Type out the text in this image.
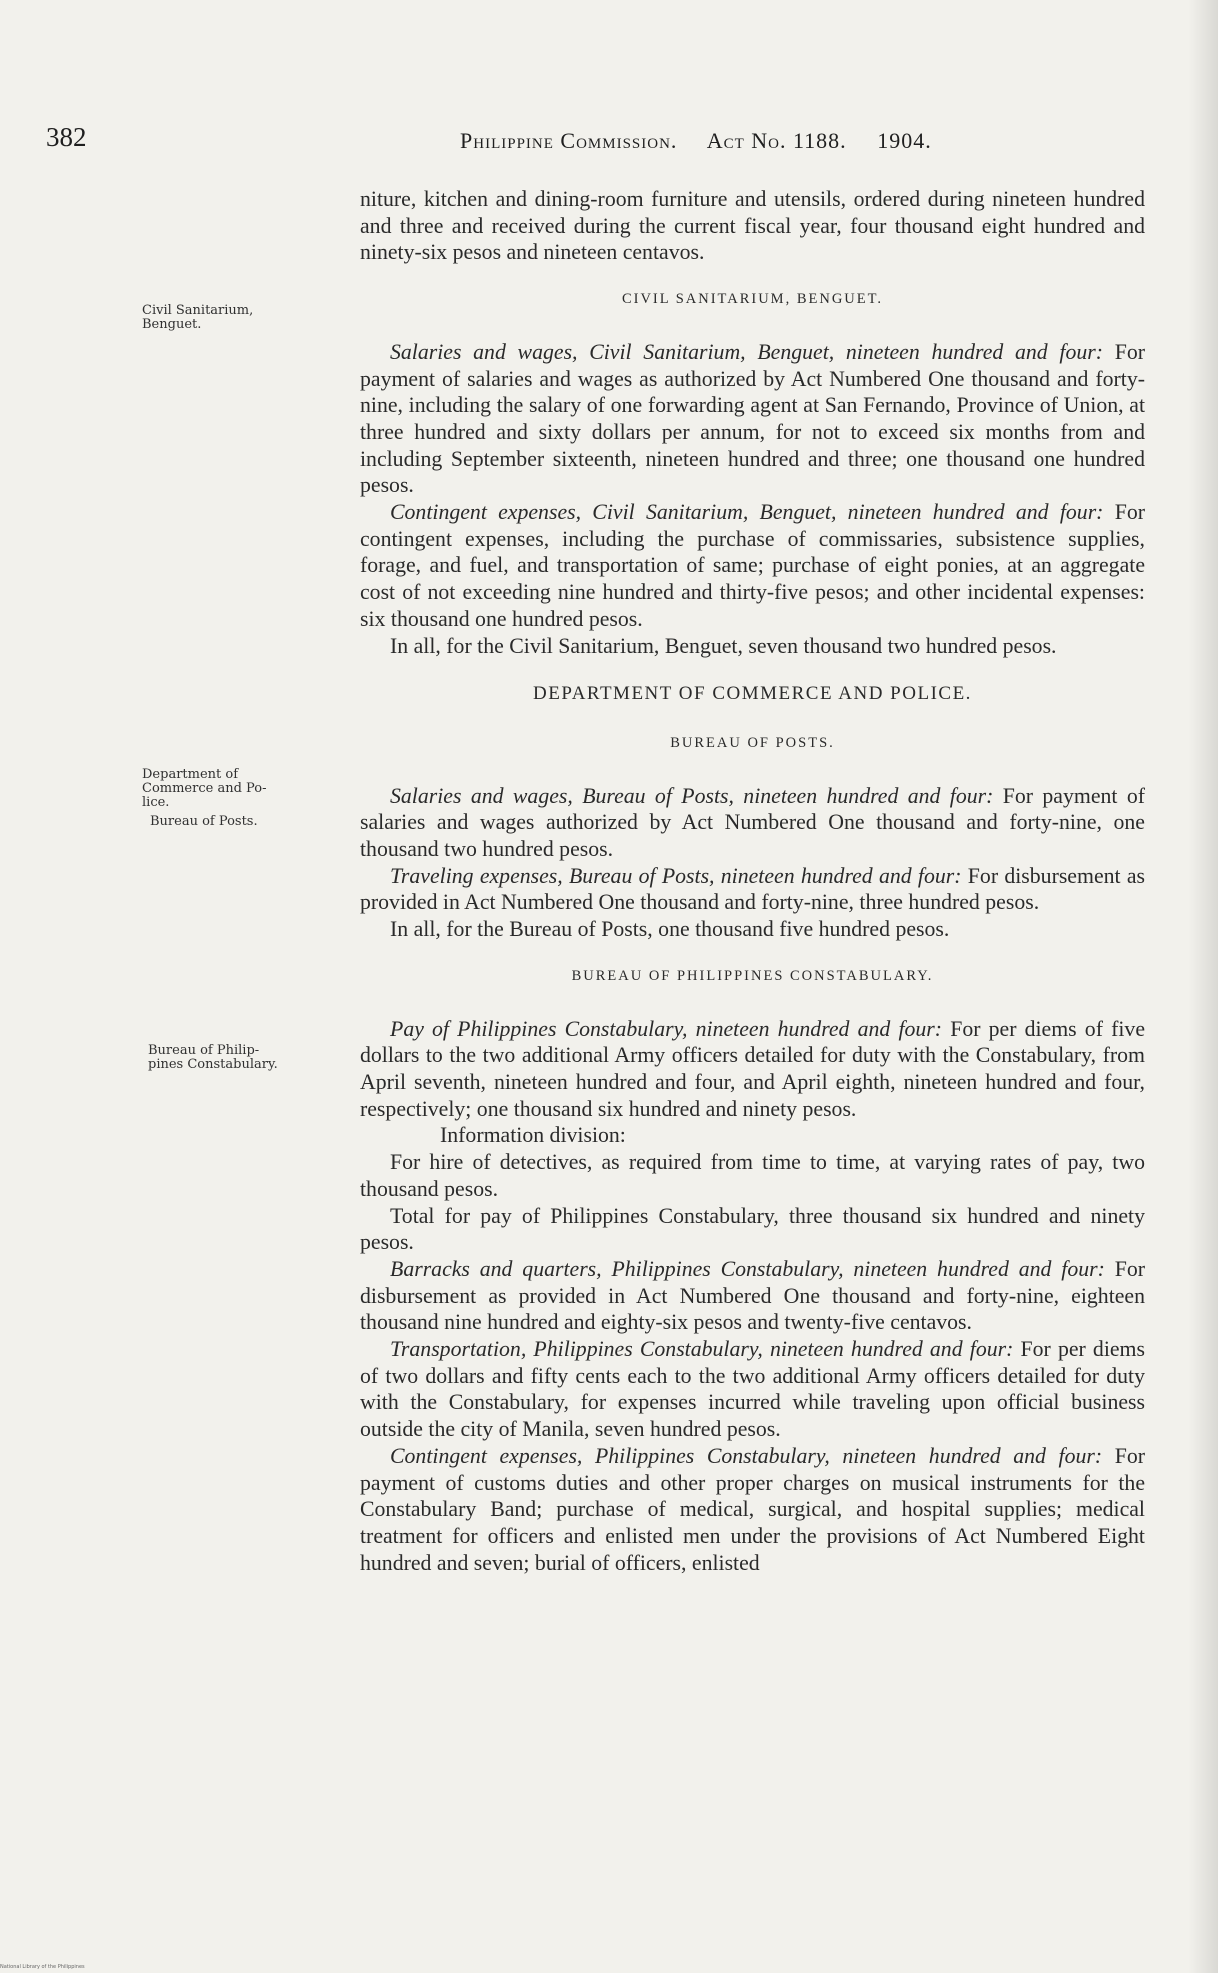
382	Philippine Commission. Act No. 1188. 1904.
Civil Sanitarium,
Benguet.
Department of
Commerce and Po-
lice.
Bureau of Posts.
Bureau of Philip-
pines Constabulary.

niture, kitchen and dining-room furniture and utensils, ordered during nineteen hundred and three and received during the current fiscal year, four thousand eight hundred and ninety-six pesos and nineteen centavos.

CIVIL SANITARIUM, BENGUET.

Salaries and wages, Civil Sanitarium, Benguet, nineteen hundred and four: For payment of salaries and wages as authorized by Act Numbered One thousand and forty-nine, including the salary of one forwarding agent at San Fernando, Province of Union, at three hundred and sixty dollars per annum, for not to exceed six months from and including September sixteenth, nineteen hundred and three; one thousand one hundred pesos.

Contingent expenses, Civil Sanitarium, Benguet, nineteen hundred and four: For contingent expenses, including the purchase of commissaries, subsistence supplies, forage, and fuel, and transportation of same; purchase of eight ponies, at an aggregate cost of not exceeding nine hundred and thirty-five pesos; and other incidental expenses: six thousand one hundred pesos.

In all, for the Civil Sanitarium, Benguet, seven thousand two hundred pesos.

DEPARTMENT OF COMMERCE AND POLICE.
BUREAU OF POSTS.

Salaries and wages, Bureau of Posts, nineteen hundred and four: For payment of salaries and wages authorized by Act Numbered One thousand and forty-nine, one thousand two hundred pesos.

Traveling expenses, Bureau of Posts, nineteen hundred and four: For disbursement as provided in Act Numbered One thousand and forty-nine, three hundred pesos.

In all, for the Bureau of Posts, one thousand five hundred pesos.

BUREAU OF PHILIPPINES CONSTABULARY.

Pay of Philippines Constabulary, nineteen hundred and four: For per diems of five dollars to the two additional Army officers detailed for duty with the Constabulary, from April seventh, nineteen hundred and four, and April eighth, nineteen hundred and four, respectively; one thousand six hundred and ninety pesos.

Information division:

For hire of detectives, as required from time to time, at varying rates of pay, two thousand pesos.

Total for pay of Philippines Constabulary, three thousand six hundred and ninety pesos.

Barracks and quarters, Philippines Constabulary, nineteen hundred and four: For disbursement as provided in Act Numbered One thousand and forty-nine, eighteen thousand nine hundred and eighty-six pesos and twenty-five centavos.

Transportation, Philippines Constabulary, nineteen hundred and four: For per diems of two dollars and fifty cents each to the two additional Army officers detailed for duty with the Constabulary, for expenses incurred while traveling upon official business outside the city of Manila, seven hundred pesos.

Contingent expenses, Philippines Constabulary, nineteen hundred and four: For payment of customs duties and other proper charges on musical instruments for the Constabulary Band; purchase of medical, surgical, and hospital supplies; medical treatment for officers and enlisted men under the provisions of Act Numbered Eight hundred and seven; burial of officers, enlisted

National Library of the Philippines
